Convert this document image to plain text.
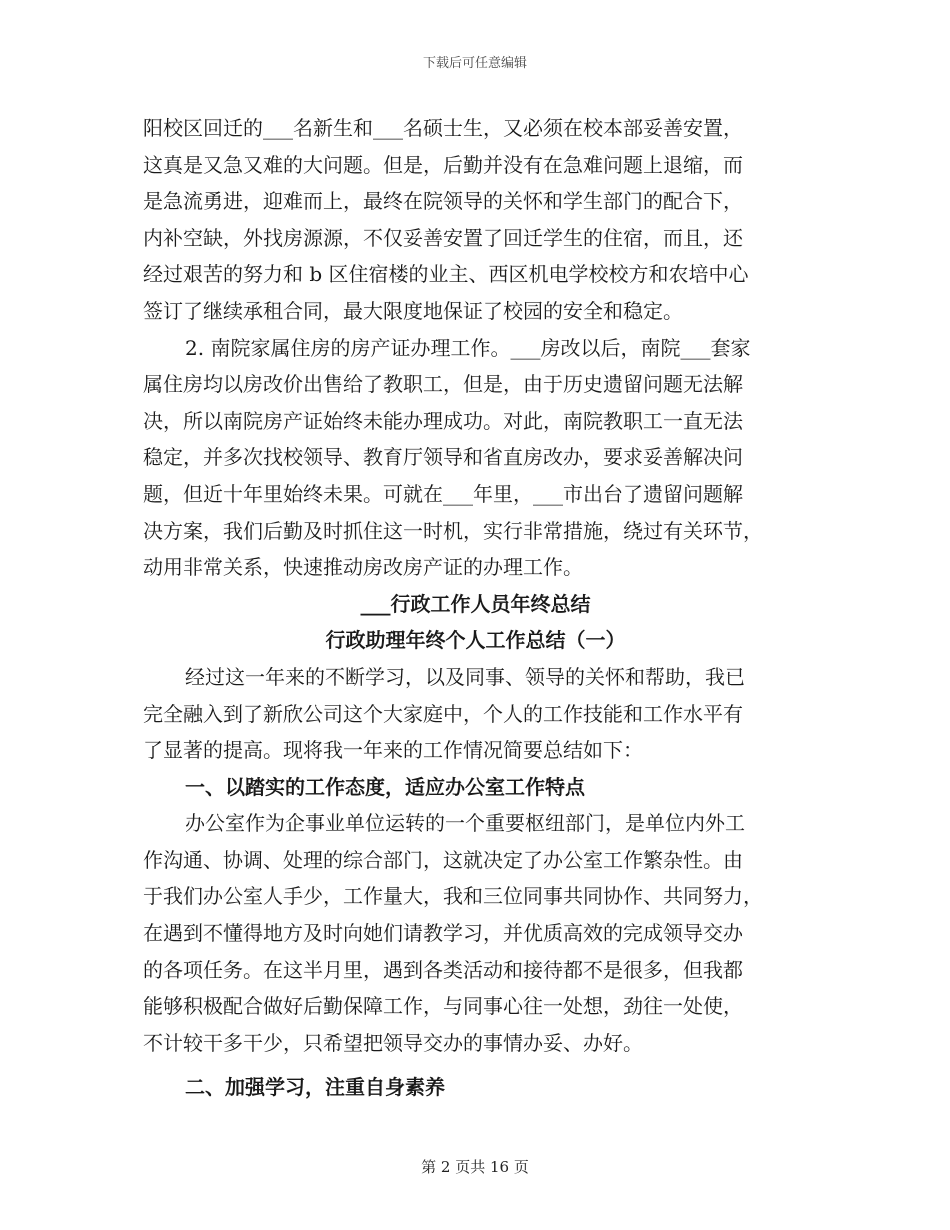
下载后可任意编辑
阳校区回迁的___名新生和___名硕士生，又必须在校本部妥善安置，
这真是又急又难的大问题。但是，后勤并没有在急难问题上退缩，而
是急流勇进，迎难而上，最终在院领导的关怀和学生部门的配合下，
内补空缺，外找房源源，不仅妥善安置了回迁学生的住宿，而且，还
经过艰苦的努力和 b 区住宿楼的业主、西区机电学校校方和农培中心
签订了继续承租合同，最大限度地保证了校园的安全和稳定。
2. 南院家属住房的房产证办理工作。___房改以后，南院___套家
属住房均以房改价出售给了教职工，但是，由于历史遗留问题无法解
决，所以南院房产证始终未能办理成功。对此，南院教职工一直无法
稳定，并多次找校领导、教育厅领导和省直房改办，要求妥善解决问
题，但近十年里始终未果。可就在___年里，___市出台了遗留问题解
决方案，我们后勤及时抓住这一时机，实行非常措施，绕过有关环节，
动用非常关系，快速推动房改房产证的办理工作。
___行政工作人员年终总结
行政助理年终个人工作总结（一）
经过这一年来的不断学习，以及同事、领导的关怀和帮助，我已
完全融入到了新欣公司这个大家庭中，个人的工作技能和工作水平有
了显著的提高。现将我一年来的工作情况简要总结如下：
一、以踏实的工作态度，适应办公室工作特点
办公室作为企事业单位运转的一个重要枢纽部门，是单位内外工
作沟通、协调、处理的综合部门，这就决定了办公室工作繁杂性。由
于我们办公室人手少，工作量大，我和三位同事共同协作、共同努力，
在遇到不懂得地方及时向她们请教学习，并优质高效的完成领导交办
的各项任务。在这半月里，遇到各类活动和接待都不是很多，但我都
能够积极配合做好后勤保障工作，与同事心往一处想，劲往一处使，
不计较干多干少，只希望把领导交办的事情办妥、办好。
二、加强学习，注重自身素养
第 2 页共 16 页
